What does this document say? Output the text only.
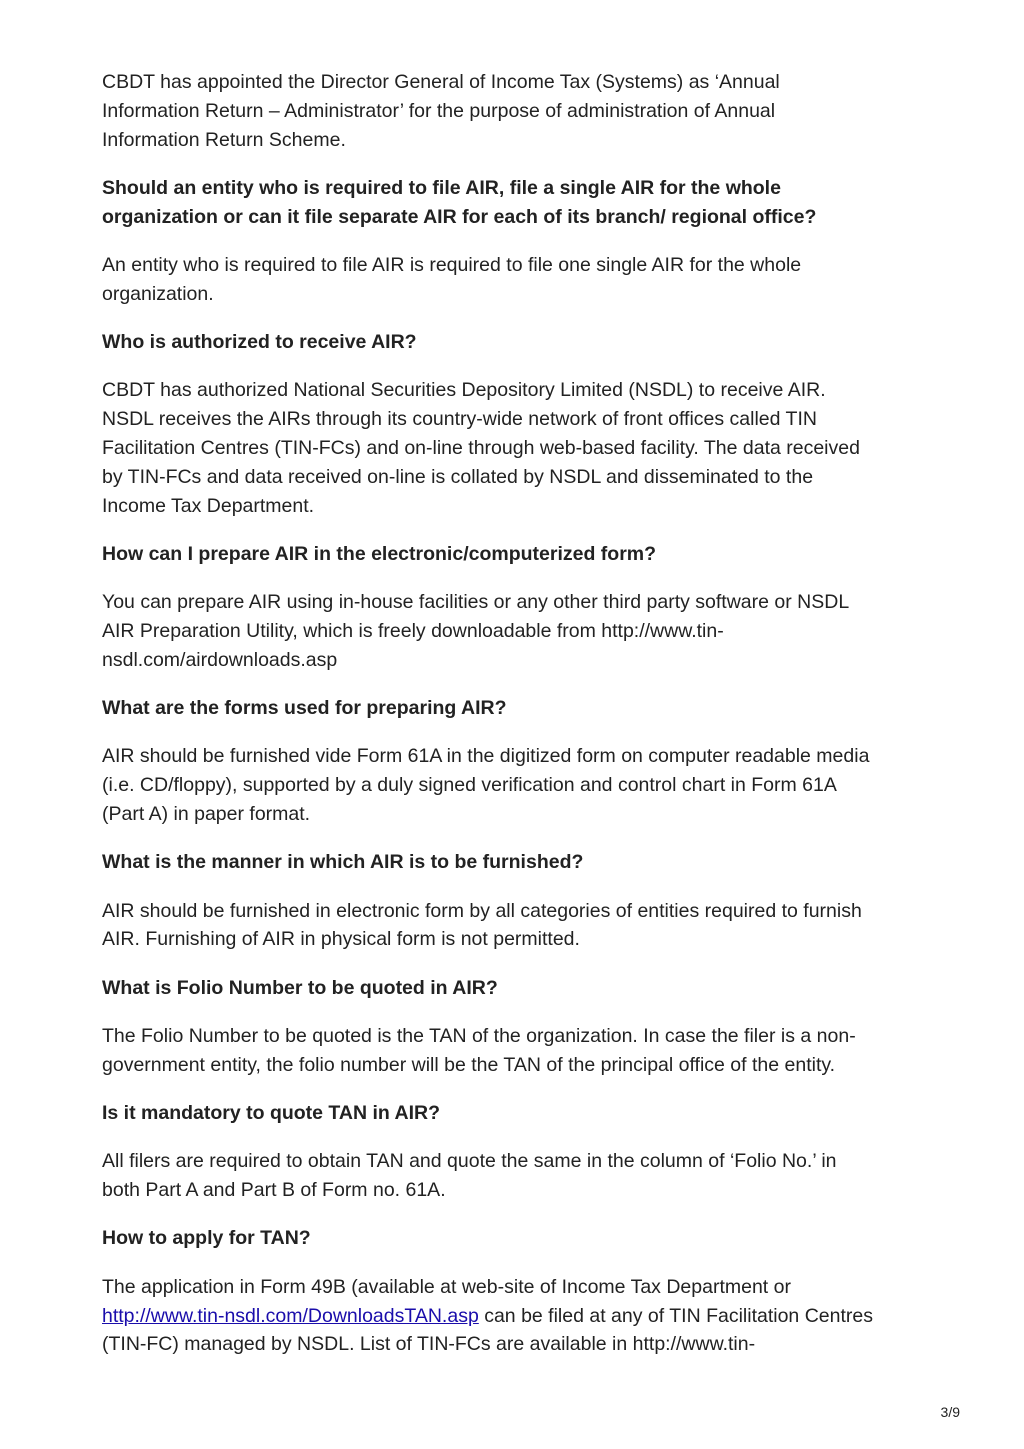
CBDT has appointed the Director General of Income Tax (Systems) as ‘Annual
Information Return – Administrator’ for the purpose of administration of Annual
Information Return Scheme.
Should an entity who is required to file AIR, file a single AIR for the whole
organization or can it file separate AIR for each of its branch/ regional office?
An entity who is required to file AIR is required to file one single AIR for the whole
organization.
Who is authorized to receive AIR?
CBDT has authorized National Securities Depository Limited (NSDL) to receive AIR.
NSDL receives the AIRs through its country-wide network of front offices called TIN
Facilitation Centres (TIN-FCs) and on-line through web-based facility. The data received
by TIN-FCs and data received on-line is collated by NSDL and disseminated to the
Income Tax Department.
How can I prepare AIR in the electronic/computerized form?
You can prepare AIR using in-house facilities or any other third party software or NSDL
AIR Preparation Utility, which is freely downloadable from http://www.tin-
nsdl.com/airdownloads.asp
What are the forms used for preparing AIR?
AIR should be furnished vide Form 61A in the digitized form on computer readable media
(i.e. CD/floppy), supported by a duly signed verification and control chart in Form 61A
(Part A) in paper format.
What is the manner in which AIR is to be furnished?
AIR should be furnished in electronic form by all categories of entities required to furnish
AIR. Furnishing of AIR in physical form is not permitted.
What is Folio Number to be quoted in AIR?
The Folio Number to be quoted is the TAN of the organization. In case the filer is a non-
government entity, the folio number will be the TAN of the principal office of the entity.
Is it mandatory to quote TAN in AIR?
All filers are required to obtain TAN and quote the same in the column of ‘Folio No.’ in
both Part A and Part B of Form no. 61A.
How to apply for TAN?
The application in Form 49B (available at web-site of Income Tax Department or
http://www.tin-nsdl.com/DownloadsTAN.asp can be filed at any of TIN Facilitation Centres
(TIN-FC) managed by NSDL. List of TIN-FCs are available in http://www.tin-
3/9
